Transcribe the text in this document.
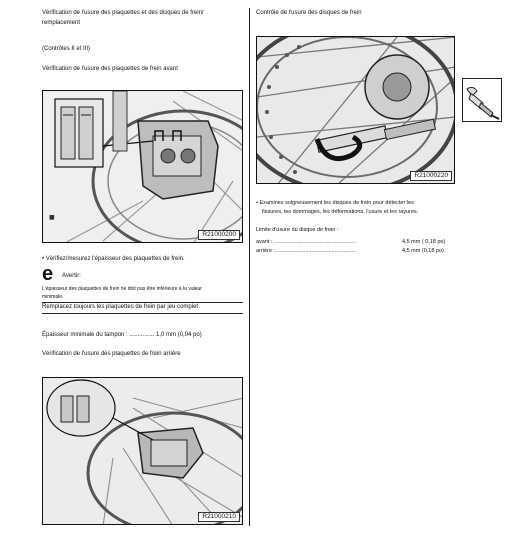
Vérification de l'usure des plaquettes et des disques de frein/
remplacement
(Contrôles II et III)
Vérification de l'usure des plaquettes de frein avant
■
R21000200
• Vérifiez/mesurez l'épaisseur des plaquettes de frein.
e Avertir:
L'épaisseur des plaquettes de frein ne doit pas être inférieure à la valeur
minimale.
Remplacez toujours les plaquettes de frein par jeu complet.
Épaisseur minimale du tampon : ............... 1,0 mm (0,04 po)
Vérification de l'usure des plaquettes de frein arrière
R21000210
Contrôle de l'usure des disques de frein
R21000220
• Examinez soigneusement les disques de frein pour détecter les
fissures, les dommages, les déformations, l'usure et les rayures.
Limite d'usure du disque de frein :
avant : ......................................................	4,5 mm ( 0,18 po)
arrière :.....................................................	4,5 mm (0,18 po)
